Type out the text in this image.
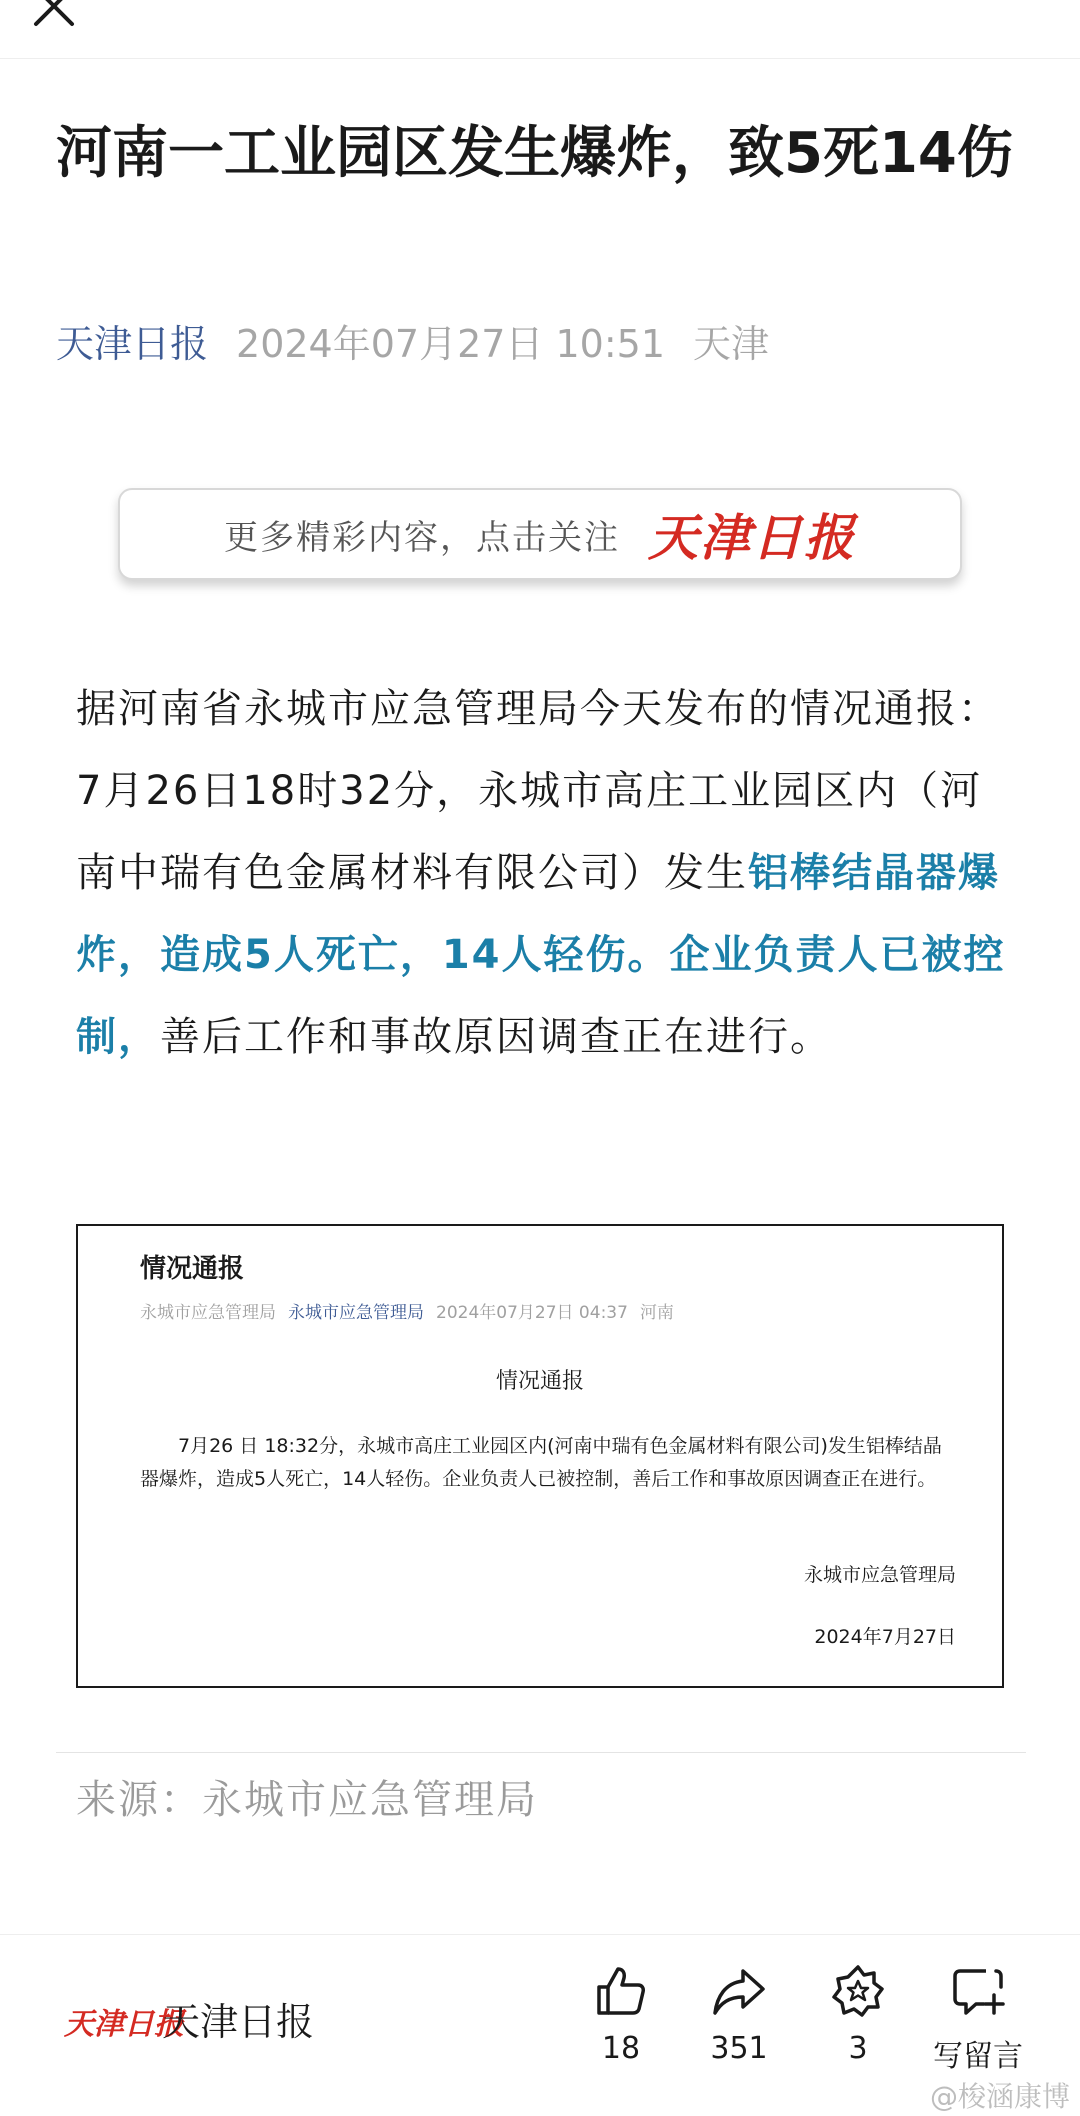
河南一工业园区发生爆炸，致5死14伤
天津日报 2024年07月27日 10:51 天津
更多精彩内容，点击关注 天津日报

据河南省永城市应急管理局今天发布的情况通报：7月26日18时32分，永城市高庄工业园区内（河南中瑞有色金属材料有限公司）发生铝棒结晶器爆炸，造成5人死亡，14人轻伤。企业负责人已被控制，善后工作和事故原因调查正在进行。

情况通报
永城市应急管理局 永城市应急管理局 2024年07月27日 04:37 河南
情况通报

7月26 日 18:32分，永城市高庄工业园区内(河南中瑞有色金属材料有限公司)发生铝棒结晶器爆炸，造成5人死亡，14人轻伤。企业负责人已被控制，善后工作和事故原因调查正在进行。

永城市应急管理局
2024年7月27日
来源：永城市应急管理局
天津日报
天津日报
18	351	3	写留言
@梭涵康博
